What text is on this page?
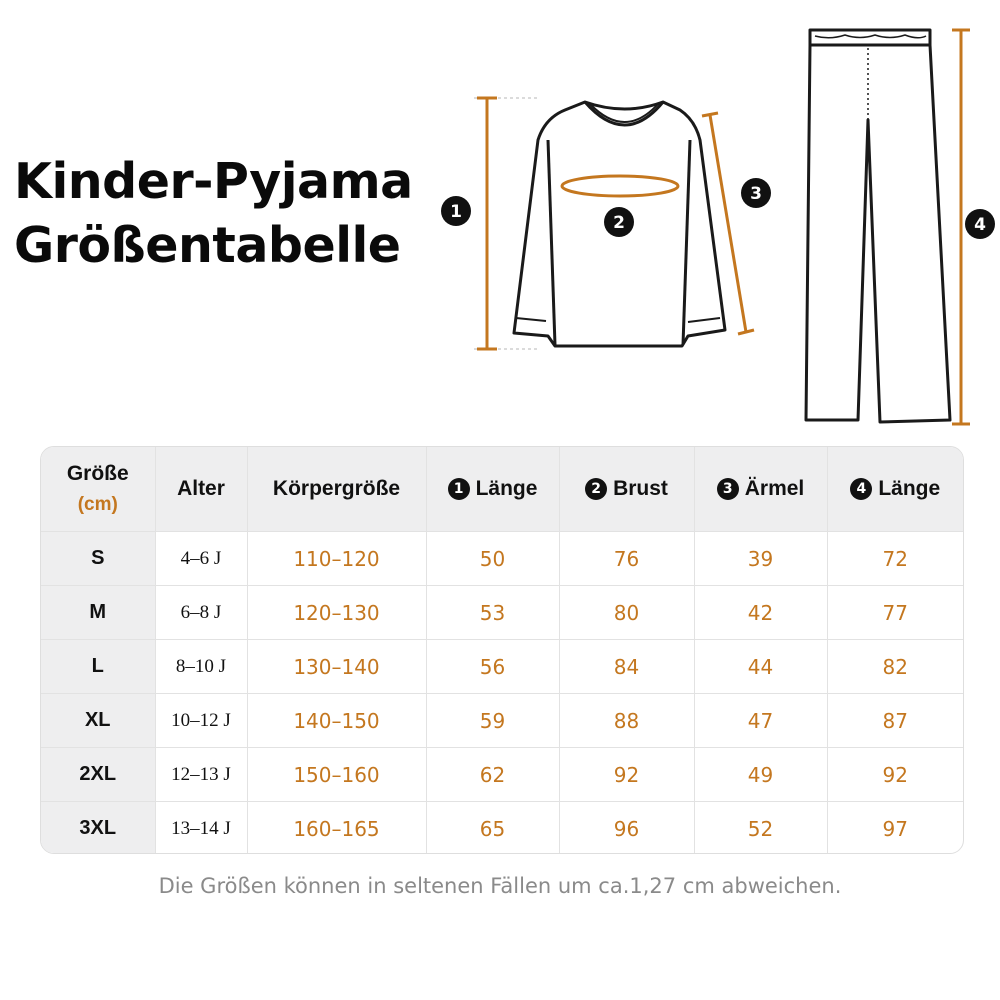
Kinder-Pyjama
Größentabelle
1
2
3
4
Größe
(cm)	Alter	Körpergröße	1 Länge	2 Brust	3 Ärmel	4 Länge
S	4–6 J	110–120	50	76	39	72
M	6–8 J	120–130	53	80	42	77
L	8–10 J	130–140	56	84	44	82
XL	10–12 J	140–150	59	88	47	87
2XL	12–13 J	150–160	62	92	49	92
3XL	13–14 J	160–165	65	96	52	97

Die Größen können in seltenen Fällen um ca.1,27 cm abweichen.
